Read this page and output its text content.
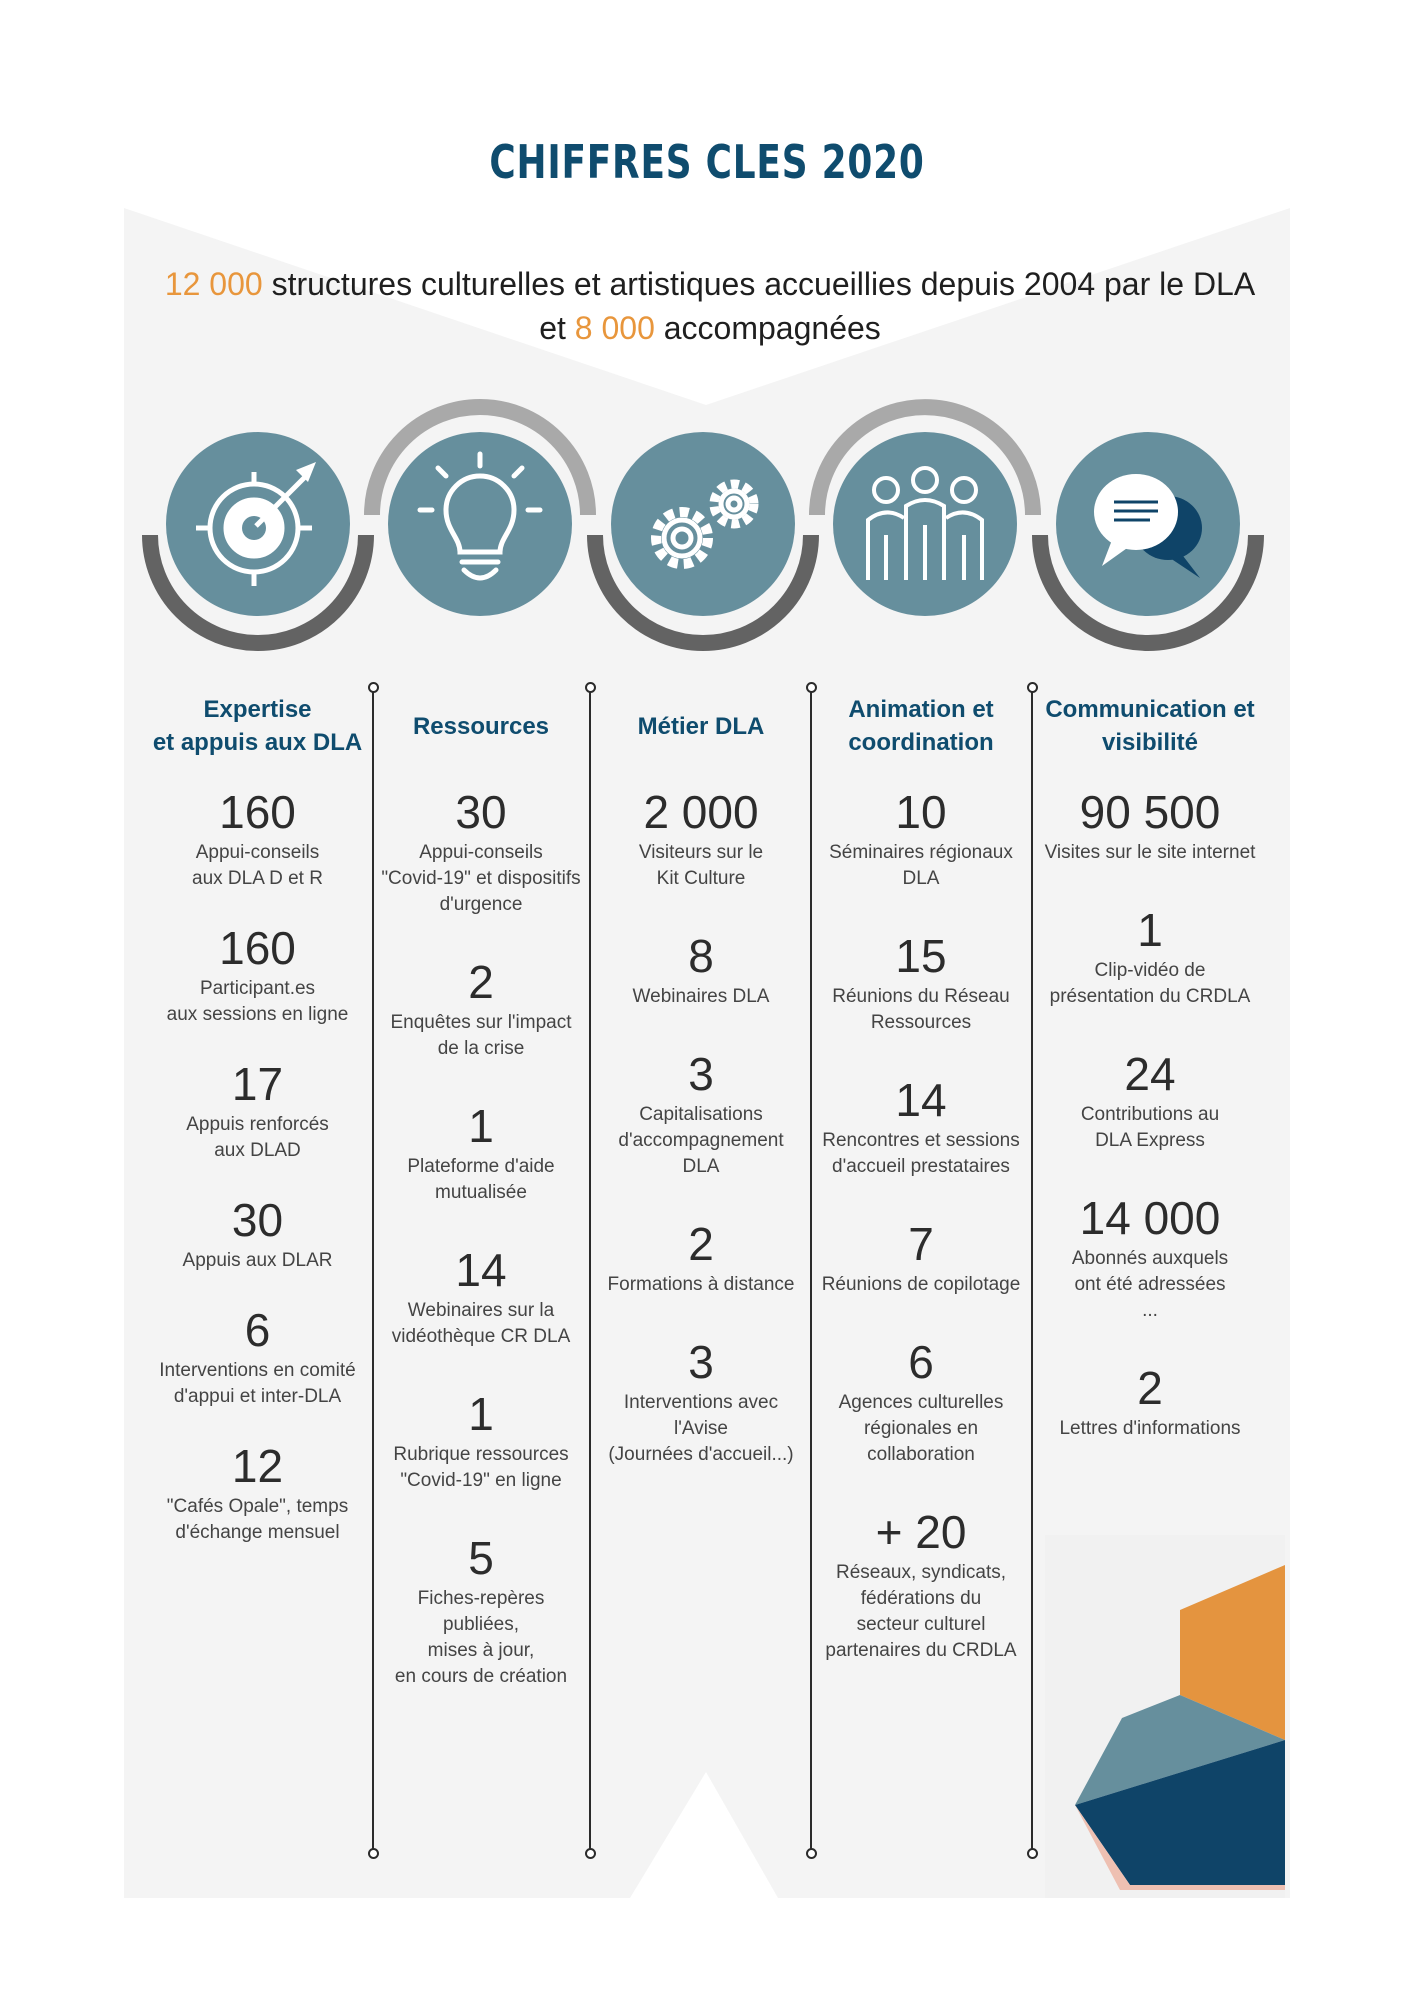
CHIFFRES CLES 2020
12 000 structures culturelles et artistiques accueillies depuis 2004 par le DLA
et 8 000 accompagnées
Expertise
et appuis aux DLA
160
Appui-conseils
aux DLA D et R
160
Participant.es
aux sessions en ligne
17
Appuis renforcés
aux DLAD
30
Appuis aux DLAR
6
Interventions en comité
d'appui et inter-DLA
12
"Cafés Opale", temps
d'échange mensuel
Ressources
30
Appui-conseils
"Covid-19" et dispositifs
d'urgence
2
Enquêtes sur l'impact
de la crise
1
Plateforme d'aide
mutualisée
14
Webinaires sur la
vidéothèque CR DLA
1
Rubrique ressources
"Covid-19" en ligne
5
Fiches-repères
publiées,
mises à jour,
en cours de création
Métier DLA
2 000
Visiteurs sur le
Kit Culture
8
Webinaires DLA
3
Capitalisations
d'accompagnement
DLA
2
Formations à distance
3
Interventions avec
l'Avise
(Journées d'accueil...)
Animation et
coordination
10
Séminaires régionaux
DLA
15
Réunions du Réseau
Ressources
14
Rencontres et sessions
d'accueil prestataires
7
Réunions de copilotage
6
Agences culturelles
régionales en
collaboration
+ 20
Réseaux, syndicats,
fédérations du
secteur culturel
partenaires du CRDLA
Communication et
visibilité
90 500
Visites sur le site internet
1
Clip-vidéo de
présentation du CRDLA
24
Contributions au
DLA Express
14 000
Abonnés auxquels
ont été adressées
...
2
Lettres d'informations
